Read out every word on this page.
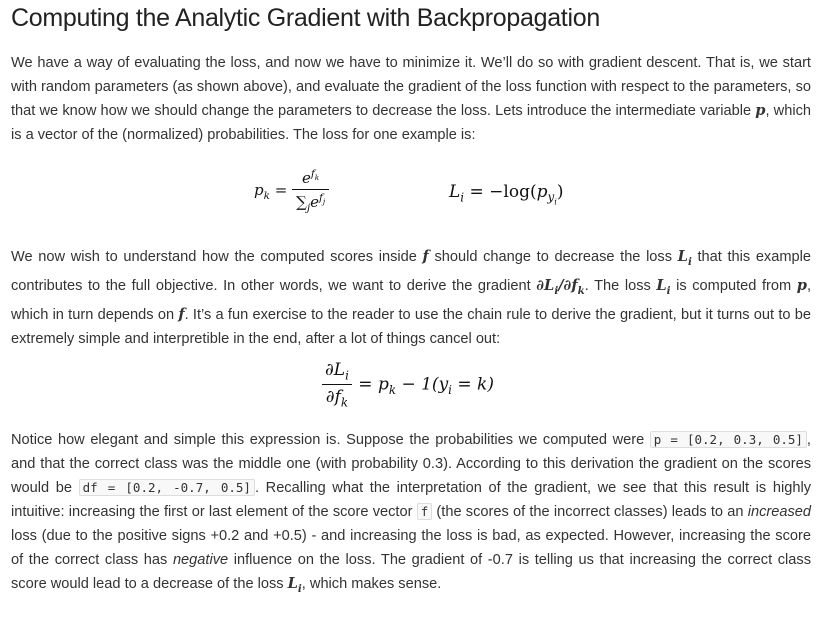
Computing the Analytic Gradient with Backpropagation
We have a way of evaluating the loss, and now we have to minimize it. We’ll do so with gradient descent. That is, we start with random parameters (as shown above), and evaluate the gradient of the loss function with respect to the parameters, so that we know how we should change the parameters to decrease the loss. Lets introduce the intermediate variable p, which is a vector of the (normalized) probabilities. The loss for one example is:
$p_k = \frac{e^{f_k}}{\sum_je^{f_j}}$	$L_i = -\log(p_{y_i})$
We now wish to understand how the computed scores inside f should change to decrease the loss $L_i$ that this example contributes to the full objective. In other words, we want to derive the gradient $\partial L_i/\partial f_k$. The loss $L_i$ is computed from p, which in turn depends on f. It’s a fun exercise to the reader to use the chain rule to derive the gradient, but it turns out to be extremely simple and interpretible in the end, after a lot of things cancel out:
$\frac{\partial L_i}{\partial f_k} = p_k - 1(y_i = k)$
Notice how elegant and simple this expression is. Suppose the probabilities we computed were p = [0.2, 0.3, 0.5] , and that the correct class was the middle one (with probability 0.3). According to this derivation the gradient on the scores would be df = [0.2, -0.7, 0.5] . Recalling what the interpretation of the gradient, we see that this result is highly intuitive: increasing the first or last element of the score vector f (the scores of the incorrect classes) leads to an increased loss (due to the positive signs +0.2 and +0.5) - and increasing the loss is bad, as expected. However, increasing the score of the correct class has negative influence on the loss. The gradient of -0.7 is telling us that increasing the correct class score would lead to a decrease of the loss $L_i$, which makes sense.
